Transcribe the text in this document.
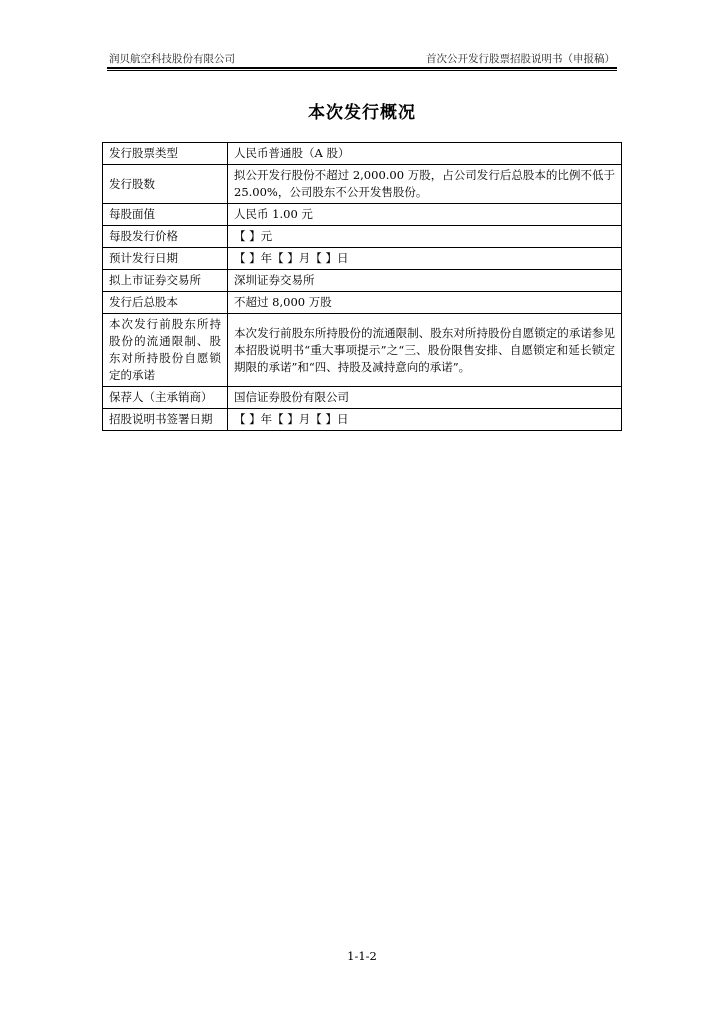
润贝航空科技股份有限公司	首次公开发行股票招股说明书（申报稿）
本次发行概况
发行股票类型	人民币普通股（A 股）
发行股数	拟公开发行股份不超过 2,000.00 万股，占公司发行后总股本的比例不低于 25.00%，公司股东不公开发售股份。
每股面值	人民币 1.00 元
每股发行价格	【 】元
预计发行日期	【 】年【 】月【 】日
拟上市证券交易所	深圳证券交易所
发行后总股本	不超过 8,000 万股
本次发行前股东所持股份的流通限制、股东对所持股份自愿锁定的承诺	本次发行前股东所持股份的流通限制、股东对所持股份自愿锁定的承诺参见本招股说明书“重大事项提示”之“三、股份限售安排、自愿锁定和延长锁定期限的承诺”和“四、持股及减持意向的承诺”。
保荐人（主承销商）	国信证券股份有限公司
招股说明书签署日期	【 】年【 】月【 】日
1-1-2
